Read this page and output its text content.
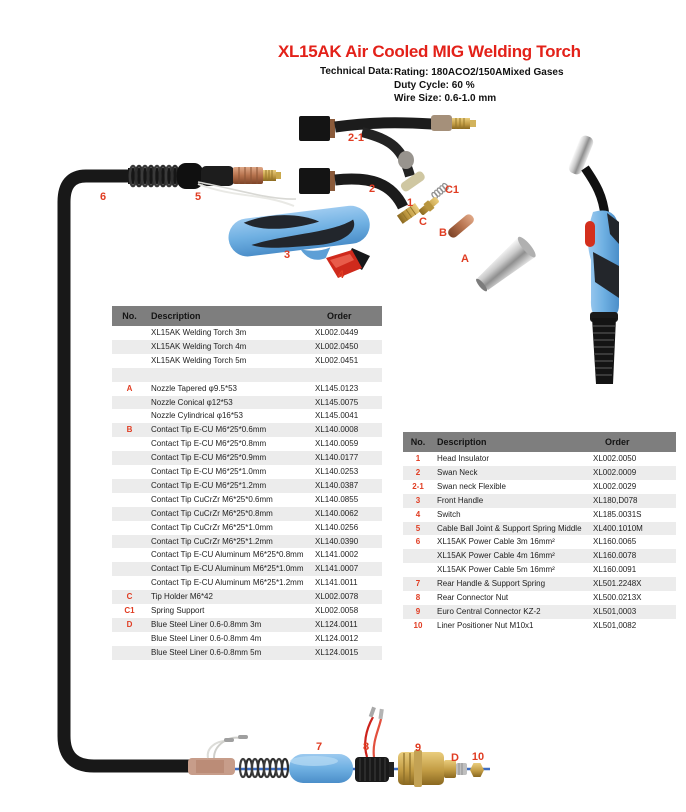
XL15AK Air Cooled MIG Welding Torch
Technical Data: Rating: 180ACO2/150AMixed Gases
Duty Cycle: 60 %
Wire Size: 0.6-1.0 mm
6	5
2-1
2
1
C1
C
B
A
3
4
7	8	9
D 10
No.	Description	Order
	XL15AK Welding Torch 3m	XL002.0449
	XL15AK Welding Torch 4m	XL002.0450
	XL15AK Welding Torch 5m	XL002.0451

A	Nozzle Tapered φ9.5*53	XL145.0123
	Nozzle Conical φ12*53	XL145.0075
	Nozzle Cylindrical φ16*53	XL145.0041
B	Contact Tip E-CU M6*25*0.6mm	XL140.0008
	Contact Tip E-CU M6*25*0.8mm	XL140.0059
	Contact Tip E-CU M6*25*0.9mm	XL140.0177
	Contact Tip E-CU M6*25*1.0mm	XL140.0253
	Contact Tip E-CU M6*25*1.2mm	XL140.0387
	Contact Tip CuCrZr M6*25*0.6mm	XL140.0855
	Contact Tip CuCrZr M6*25*0.8mm	XL140.0062
	Contact Tip CuCrZr M6*25*1.0mm	XL140.0256
	Contact Tip CuCrZr M6*25*1.2mm	XL140.0390
	Contact Tip E-CU Aluminum M6*25*0.8mm	XL141.0002
	Contact Tip E-CU Aluminum M6*25*1.0mm	XL141.0007
	Contact Tip E-CU Aluminum M6*25*1.2mm	XL141.0011
C	Tip Holder M6*42	XL002.0078
C1	Spring Support	XL002.0058
D	Blue Steel Liner 0.6-0.8mm 3m	XL124.0011
	Blue Steel Liner 0.6-0.8mm 4m	XL124.0012
	Blue Steel Liner 0.6-0.8mm 5m	XL124.0015
No.	Description	Order
1	Head Insulator	XL002.0050
2	Swan Neck	XL002.0009
2-1	Swan neck Flexible	XL002.0029
3	Front Handle	XL180,D078
4	Switch	XL185.0031S
5	Cable Ball Joint & Support Spring Middle	XL400.1010M
6	XL15AK Power Cable 3m 16mm²	XL160.0065
	XL15AK Power Cable 4m 16mm²	XL160.0078
	XL15AK Power Cable 5m 16mm²	XL160.0091
7	Rear Handle & Support Spring	XL501.2248X
8	Rear Connector Nut	XL500.0213X
9	Euro Central Connector KZ-2	XL501,0003
10	Liner Positioner Nut M10x1	XL501,0082
